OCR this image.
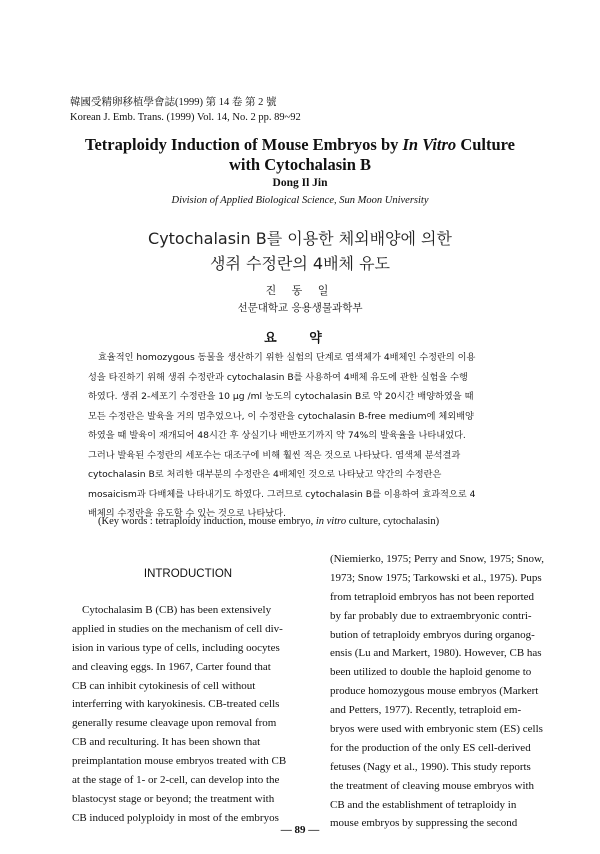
韓國受精卵移植學會誌(1999) 第 14 卷 第 2 號
Korean J. Emb. Trans. (1999) Vol. 14, No. 2 pp. 89~92
Tetraploidy Induction of Mouse Embryos by In Vitro Culture
with Cytochalasin B
Dong Il Jin
Division of Applied Biological Science, Sun Moon University
Cytochalasin B를 이용한 체외배양에 의한
생쥐 수정란의 4배체 유도
진 동 일
선문대학교 응용생물과학부
요 약
효율적인 homozygous 동물을 생산하기 위한 실험의 단계로 염색체가 4배체인 수정란의 이용
성을 타진하기 위해 생쥐 수정란과 cytochalasin B를 사용하여 4배체 유도에 관한 실험을 수행
하였다. 생쥐 2-세포기 수정란을 10 μg /ml 농도의 cytochalasin B로 약 20시간 배양하였을 때
모든 수정란은 발육을 거의 멈추었으나, 이 수정란을 cytochalasin B-free medium에 체외배양
하였을 때 발육이 재개되어 48시간 후 상실기나 배반포기까지 약 74%의 발육율을 나타내었다.
그러나 발육된 수정란의 세포수는 대조구에 비해 훨씬 적은 것으로 나타났다. 염색체 분석결과
cytochalasin B로 처리한 대부분의 수정란은 4배체인 것으로 나타났고 약간의 수정란은
mosaicism과 다배체를 나타내기도 하였다. 그러므로 cytochalasin B를 이용하여 효과적으로 4
배체의 수정란을 유도할 수 있는 것으로 나타났다.
(Key words : tetraploidy induction, mouse embryo, in vitro culture, cytochalasin)
INTRODUCTION
Cytochalasim B (CB) has been extensively
applied in studies on the mechanism of cell div-
ision in various type of cells, including oocytes
and cleaving eggs. In 1967, Carter found that
CB can inhibit cytokinesis of cell without
interferring with karyokinesis. CB-treated cells
generally resume cleavage upon removal from
CB and reculturing. It has been shown that
preimplantation mouse embryos treated with CB
at the stage of 1- or 2-cell, can develop into the
blastocyst stage or beyond; the treatment with
CB induced polyploidy in most of the embryos
(Niemierko, 1975; Perry and Snow, 1975; Snow,
1973; Snow 1975; Tarkowski et al., 1975). Pups
from tetraploid embryos has not been reported
by far probably due to extraembryonic contri-
bution of tetraploidy embryos during organog-
ensis (Lu and Markert, 1980). However, CB has
been utilized to double the haploid genome to
produce homozygous mouse embryos (Markert
and Petters, 1977). Recently, tetraploid em-
bryos were used with embryonic stem (ES) cells
for the production of the only ES cell-derived
fetuses (Nagy et al., 1990). This study reports
the treatment of cleaving mouse embryos with
CB and the establishment of tetraploidy in
mouse embryos by suppressing the second
— 89 —
